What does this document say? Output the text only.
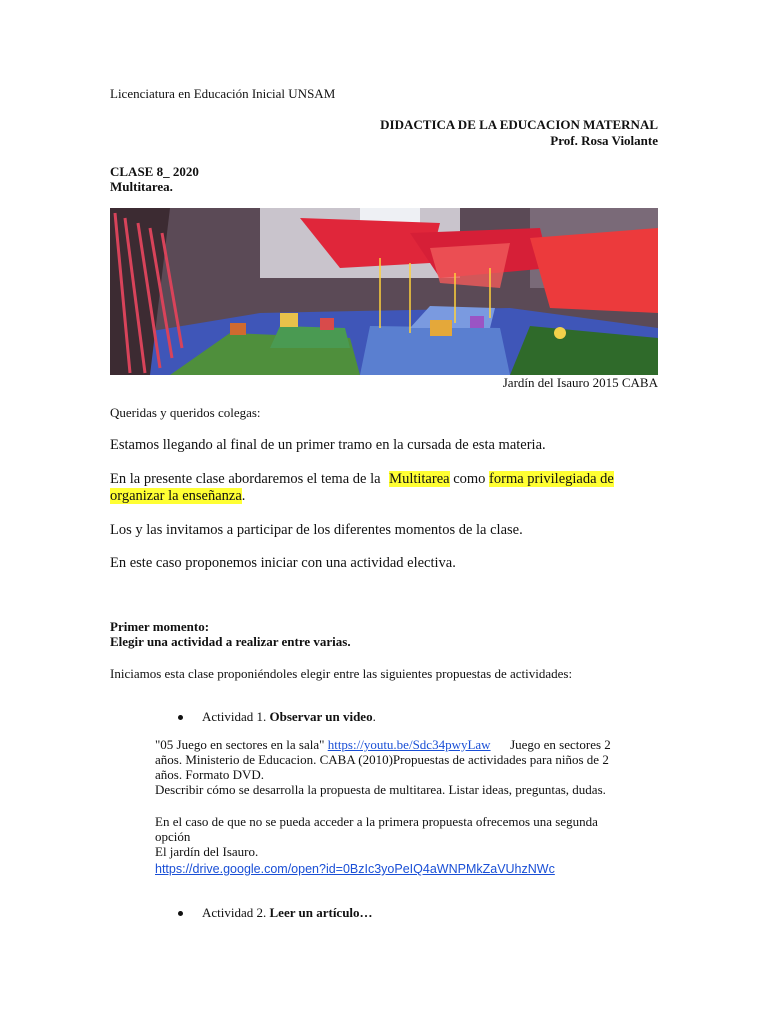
Licenciatura en Educación Inicial UNSAM
DIDACTICA DE LA EDUCACION MATERNAL
Prof. Rosa Violante
CLASE 8_ 2020
Multitarea.
Jardín del Isauro 2015 CABA
Queridas y queridos colegas:
Estamos llegando al final de un primer tramo en la cursada de esta materia.
En la presente clase abordaremos el tema de la Multitarea como forma privilegiada de
organizar la enseñanza.
Los y las invitamos a participar de los diferentes momentos de la clase.
En este caso proponemos iniciar con una actividad electiva.
Primer momento:
Elegir una actividad a realizar entre varias.
Iniciamos esta clase proponiéndoles elegir entre las siguientes propuestas de actividades:
Actividad 1. Observar un video.
"05 Juego en sectores en la sala" https://youtu.be/Sdc34pwyLaw      Juego en sectores 2
años. Ministerio de Educacion. CABA (2010)Propuestas de actividades para niños de 2
años. Formato DVD.
Describir cómo se desarrolla la propuesta de multitarea. Listar ideas, preguntas, dudas.
En el caso de que no se pueda acceder a la primera propuesta ofrecemos una segunda
opción
El jardín del Isauro.
https://drive.google.com/open?id=0BzIc3yoPeIQ4aWNPMkZaVUhzNWc
Actividad 2. Leer un artículo…
